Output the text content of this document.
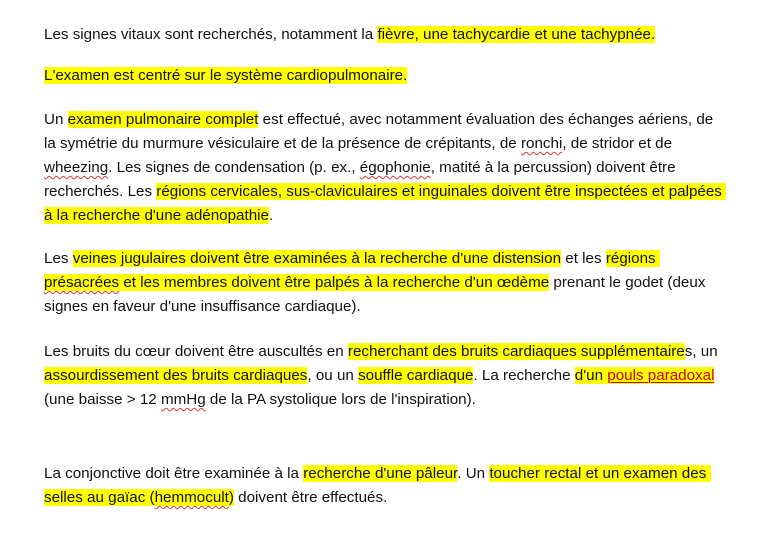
Les signes vitaux sont recherchés, notamment la fièvre, une tachycardie et une tachypnée.

L'examen est centré sur le système cardiopulmonaire.

Un examen pulmonaire complet est effectué, avec notamment évaluation des échanges aériens, de la symétrie du murmure vésiculaire et de la présence de crépitants, de ronchi, de stridor et de wheezing. Les signes de condensation (p. ex., égophonie, matité à la percussion) doivent être recherchés. Les régions cervicales, sus-claviculaires et inguinales doivent être inspectées et palpées à la recherche d'une adénopathie.

Les veines jugulaires doivent être examinées à la recherche d'une distension et les régions présacrées et les membres doivent être palpés à la recherche d'un œdème prenant le godet (deux signes en faveur d'une insuffisance cardiaque).

Les bruits du cœur doivent être auscultés en recherchant des bruits cardiaques supplémentaires, un assourdissement des bruits cardiaques, ou un souffle cardiaque. La recherche d'un pouls paradoxal (une baisse > 12 mmHg de la PA systolique lors de l'inspiration).

La conjonctive doit être examinée à la recherche d'une pâleur. Un toucher rectal et un examen des selles au gaïac (hemmocult) doivent être effectués.
